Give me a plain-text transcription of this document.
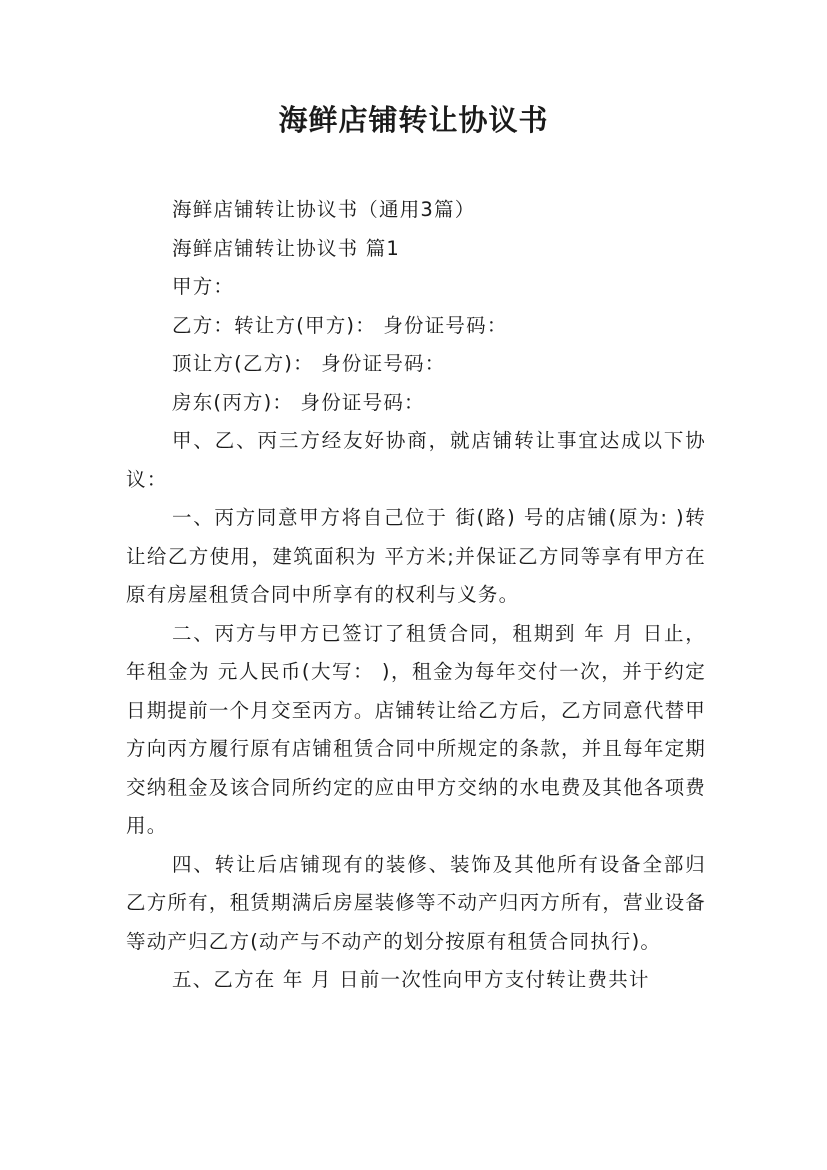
海鲜店铺转让协议书

海鲜店铺转让协议书（通用3篇）

海鲜店铺转让协议书 篇1

甲方：

乙方：转让方(甲方)： 身份证号码：

顶让方(乙方)： 身份证号码：

房东(丙方)： 身份证号码：

甲、乙、丙三方经友好协商，就店铺转让事宜达成以下协议：

一、丙方同意甲方将自己位于 街(路) 号的店铺(原为: )转让给乙方使用，建筑面积为 平方米;并保证乙方同等享有甲方在原有房屋租赁合同中所享有的权利与义务。

二、丙方与甲方已签订了租赁合同，租期到 年 月 日止，年租金为 元人民币(大写： )，租金为每年交付一次，并于约定日期提前一个月交至丙方。店铺转让给乙方后，乙方同意代替甲方向丙方履行原有店铺租赁合同中所规定的条款，并且每年定期交纳租金及该合同所约定的应由甲方交纳的水电费及其他各项费用。

四、转让后店铺现有的装修、装饰及其他所有设备全部归乙方所有，租赁期满后房屋装修等不动产归丙方所有，营业设备等动产归乙方(动产与不动产的划分按原有租赁合同执行)。

五、乙方在 年 月 日前一次性向甲方支付转让费共计
